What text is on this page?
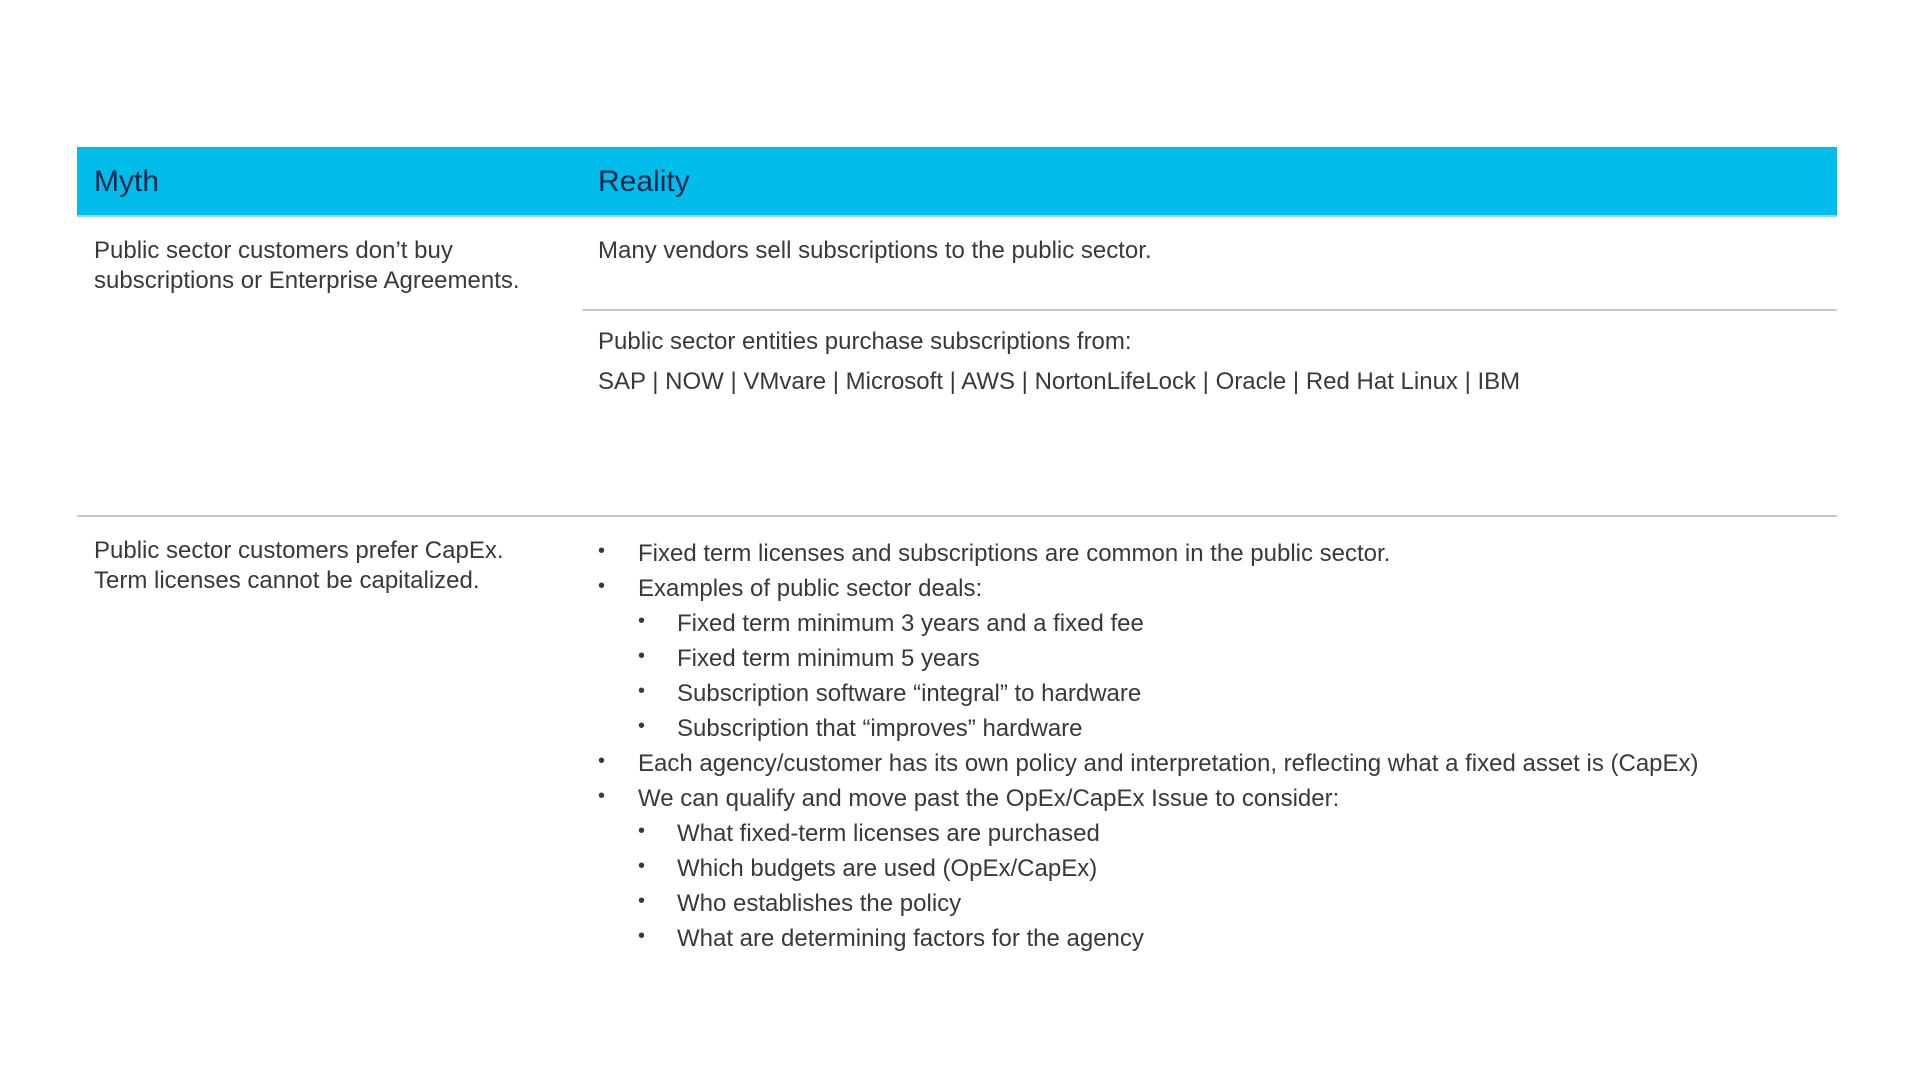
Myth	Reality
Public sector customers don’t buy
subscriptions or Enterprise Agreements.
Many vendors sell subscriptions to the public sector.
Public sector entities purchase subscriptions from:
SAP | NOW | VMvare | Microsoft | AWS | NortonLifeLock | Oracle | Red Hat Linux | IBM
Public sector customers prefer CapEx.
Term licenses cannot be capitalized.
• Fixed term licenses and subscriptions are common in the public sector.
• Examples of public sector deals:
• Fixed term minimum 3 years and a fixed fee
• Fixed term minimum 5 years
• Subscription software “integral” to hardware
• Subscription that “improves” hardware
• Each agency/customer has its own policy and interpretation, reflecting what a fixed asset is (CapEx)
• We can qualify and move past the OpEx/CapEx Issue to consider:
• What fixed-term licenses are purchased
• Which budgets are used (OpEx/CapEx)
• Who establishes the policy
• What are determining factors for the agency
